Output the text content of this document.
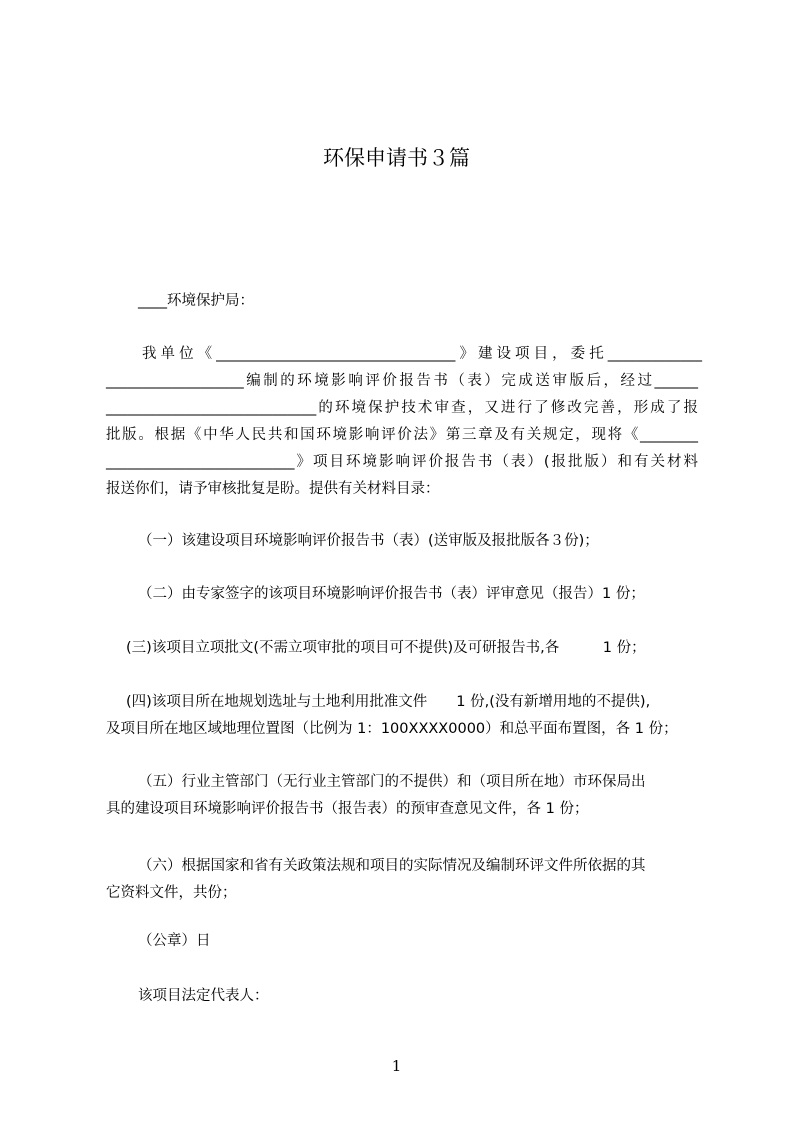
环保申请书３篇
____环境保护局：
我单位《_________________________________》建设项目，委托_____________
___________________编制的环境影响评价报告书（表）完成送审版后，经过______
_____________________________的环境保护技术审查，又进行了修改完善，形成了报
批版。根据《中华人民共和国环境影响评价法》第三章及有关规定，现将《________
__________________________》项目环境影响评价报告书（表）(报批版）和有关材料
报送你们，请予审核批复是盼。提供有关材料目录：
（一）该建设项目环境影响评价报告书（表）(送审版及报批版各３份)；
（二）由专家签字的该项目环境影响评价报告书（表）评审意见（报告）1 份；
(三)该项目立项批文(不需立项审批的项目可不提供)及可研报告书,各　　　1 份；
(四)该项目所在地规划选址与土地利用批准文件　　1 份,(没有新增用地的不提供),
及项目所在地区域地理位置图（比例为 1：100XXXX0000）和总平面布置图，各 1 份；
（五）行业主管部门（无行业主管部门的不提供）和（项目所在地）市环保局出
具的建设项目环境影响评价报告书（报告表）的预审查意见文件，各 1 份；
（六）根据国家和省有关政策法规和项目的实际情况及编制环评文件所依据的其
它资料文件，共份；
（公章）日
该项目法定代表人：
1
